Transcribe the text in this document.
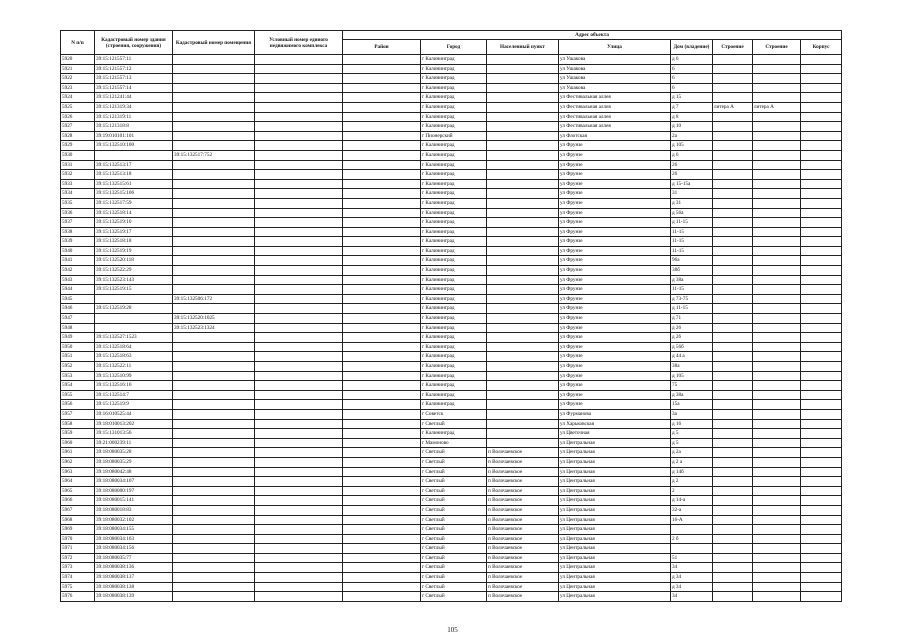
N п/п	Кадастровый номер здания (строения, сооружения)	Кадастровый номер помещения	Условный номер единого недвижимого комплекса	Адрес объекта							
				Район	Город	Населенный пункт	Улица	Дом (владение)	Строение	Строение	Корпус
5920	39:15:121557:11				г Калининград		ул Ушакова	д 6			
5921	39:15:121557:12				г Калининград		ул Ушакова	6			
5922	39:15:121557:13				г Калининград		ул Ушакова	6			
5923	39:15:121557:14				г Калининград		ул Ушакова	6			
5924	39:15:121241:44				г Калининград		ул Фестивальная аллея	д 15			
5925	39:15:121319:34				г Калининград		ул Фестивальная аллея	д 7	литера А	литера А	
5926	39:15:121319:11				г Калининград		ул Фестивальная аллея	д 8			
5927	39:15:121318:8				г Калининград		ул Фестивальная аллея	д 10			
5928	39:19:010101:101				г Пионерский		ул Флотская	2а			
5929	39:15:132510:100				г Калининград		ул Фрунзе	д 105			
5930		39:15:132517:752			г Калининград		ул Фрунзе	д 6			
5931	39:15:132513:17				г Калининград		ул Фрунзе	26			
5932	39:15:132513:18				г Калининград		ул Фрунзе	26			
5933	39:15:132515:61				г Калининград		ул Фрунзе	д 15-15а			
5934	39:15:132515:106				г Калининград		ул Фрунзе	31			
5935	39:15:132517:59				г Калининград		ул Фрунзе	д 31			
5936	39:15:132518:14				г Калининград		ул Фрунзе	д 56а			
5937	39:15:132519:10				г Калининград		ул Фрунзе	д 11-15			
5938	39:15:132519:17				г Калининград		ул Фрунзе	11-15			
5939	39:15:132518:18				г Калининград		ул Фрунзе	11-15			
5940	39:15:132519:19				г Калининград		ул Фрунзе	11-15			
5941	39:15:132520:118				г Калининград		ул Фрунзе	96а			
5942	39:15:132522:29				г Калининград		ул Фрунзе	38б			
5943	39:15:132523:143				г Калининград		ул Фрунзе	д 38а			
5944	39:15:132519:15				г Калининград		ул Фрунзе	11-15			
5945		39:15:132506:172			г Калининград		ул Фрунзе	д 73-75			
5946	39:15:132519:28				г Калининград		ул Фрунзе	д 11-15			
5947		39:15:132520:1025			г Калининград		ул Фрунзе	д 71			
5948		39:15:132523:1324			г Калининград		ул Фрунзе	д 26			
5949	39:15:132527:1523				г Калининград		ул Фрунзе	д 26			
5950	39:15:132518:64				г Калининград		ул Фрунзе	д 56б			
5951	39:15:132518:63				г Калининград		ул Фрунзе	д 44 а			
5952	39:15:132522:11				г Калининград		ул Фрунзе	38а			
5953	39:15:132510:99				г Калининград		ул Фрунзе	д 105			
5954	39:15:132516:16				г Калининград		ул Фрунзе	75			
5955	39:15:132514:7				г Калининград		ул Фрунзе	д 38а			
5956	39:15:132519:9				г Калининград		ул Фрунзе	15а			
5957	39:16:010525:44				г Советск		ул Фурманова	3а			
5958	39:18:010013:202				г Светлый		ул Харьковская	д 16			
5959	39:15:131013:56				г Калининград		ул Цветочная	д 5			
5960	39:21:000239:11				г Мамоново		ул Центральная	д 5			
5961	39:18:080035:28				г Светлый	п Волочаевское	ул Центральная	д 2а			
5962	39:18:080035:29				г Светлый	п Волочаевское	ул Центральная	д 2 а			
5963	39:18:080042:48				г Светлый	п Волочаевское	ул Центральная	д 14б			
5964	39:18:080034:107				г Светлый	п Волочаевское	ул Центральная	д 2			
5965	39:18:080000:197				г Светлый	п Волочаевское	ул Центральная	2			
5966	39:18:080015:141				г Светлый	п Волочаевское	ул Центральная	д 14-а			
5967	39:18:080018:83				г Светлый	п Волочаевское	ул Центральная	32-а			
5968	39:18:080032:102				г Светлый	п Волочаевское	ул Центральная	16-А			
5969	39:18:080034:155				г Светлый	п Волочаевское	ул Центральная				
5970	39:18:080034:163				г Светлый	п Волочаевское	ул Центральная	2 б			
5971	39:18:080034:156				г Светлый	п Волочаевское	ул Центральная				
5972	39:18:080035:77				г Светлый	п Волочаевское	ул Центральная	51			
5973	39:18:080038:136				г Светлый	п Волочаевское	ул Центральная	34			
5974	39:18:080038:137				г Светлый	п Волочаевское	ул Центральная	д 34			
5975	39:18:080038:138				г Светлый	п Волочаевское	ул Центральная	д 34			
5976	39:18:080038:139				г Светлый	п Волочаевское	ул Центральная	34			
105
